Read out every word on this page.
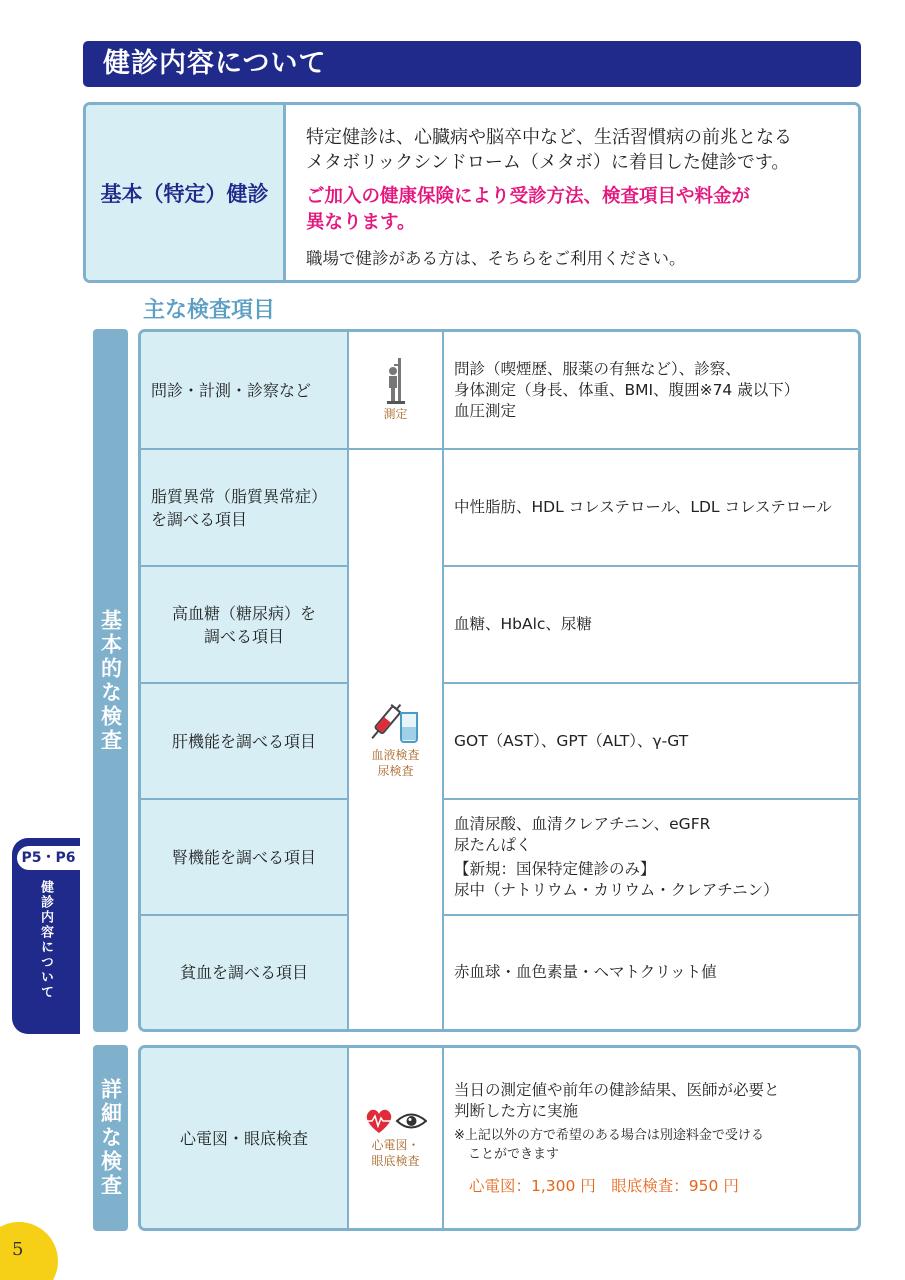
健診内容について
基本（特定）健診

特定健診は、心臓病や脳卒中など、生活習慣病の前兆となる

メタボリックシンドローム（メタボ）に着目した健診です。

ご加入の健康保険により受診方法、検査項目や料金が
異なります。

職場で健診がある方は、そちらをご利用ください。

主な検査項目
基本的な検査
詳細な検査
問診・計測・診察など
問診（喫煙歴、服薬の有無など）、診察、
身体測定（身長、体重、BMI、腹囲※74 歳以下）
血圧測定
測定
脂質異常（脂質異常症）
を調べる項目
中性脂肪、HDL コレステロール、LDL コレステロール
高血糖（糖尿病）を
調べる項目
血糖、HbAlc、尿糖
肝機能を調べる項目	GOT（AST）、GPT（ALT）、γ-GT
腎機能を調べる項目
血清尿酸、血清クレアチニン、eGFR
尿たんぱく
【新規：国保特定健診のみ】
尿中（ナトリウム・カリウム・クレアチニン）
貧血を調べる項目	赤血球・血色素量・ヘマトクリット値
血液検査
尿検査
心電図・眼底検査
当日の測定値や前年の健診結果、医師が必要と
判断した方に実施
※上記以外の方で希望のある場合は別途料金で受ける
ことができます
心電図：1,300 円　眼底検査：950 円
心電図・
眼底検査
P5・P6
健診内容について
5
